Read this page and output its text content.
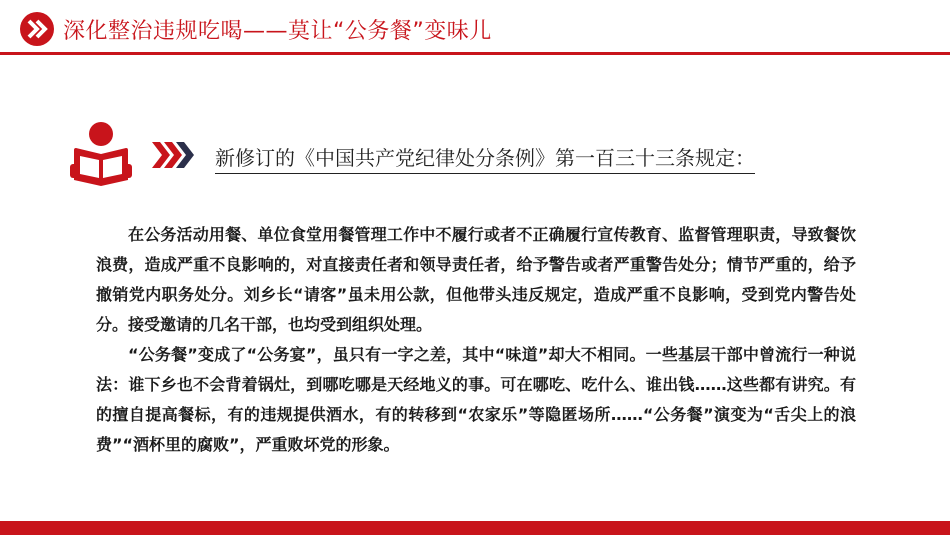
深化整治违规吃喝——莫让“公务餐”变味儿
新修订的《中国共产党纪律处分条例》第一百三十三条规定：

在公务活动用餐、单位食堂用餐管理工作中不履行或者不正确履行宣传教育、监督管理职责，导致餐饮浪费，造成严重不良影响的，对直接责任者和领导责任者，给予警告或者严重警告处分；情节严重的，给予撤销党内职务处分。刘乡长“请客”虽未用公款，但他带头违反规定，造成严重不良影响，受到党内警告处分。接受邀请的几名干部，也均受到组织处理。

“公务餐”变成了“公务宴”，虽只有一字之差，其中“味道”却大不相同。一些基层干部中曾流行一种说法：谁下乡也不会背着锅灶，到哪吃哪是天经地义的事。可在哪吃、吃什么、谁出钱……这些都有讲究。有的擅自提高餐标，有的违规提供酒水，有的转移到“农家乐”等隐匿场所……“公务餐”演变为“舌尖上的浪费”“酒杯里的腐败”，严重败坏党的形象。
